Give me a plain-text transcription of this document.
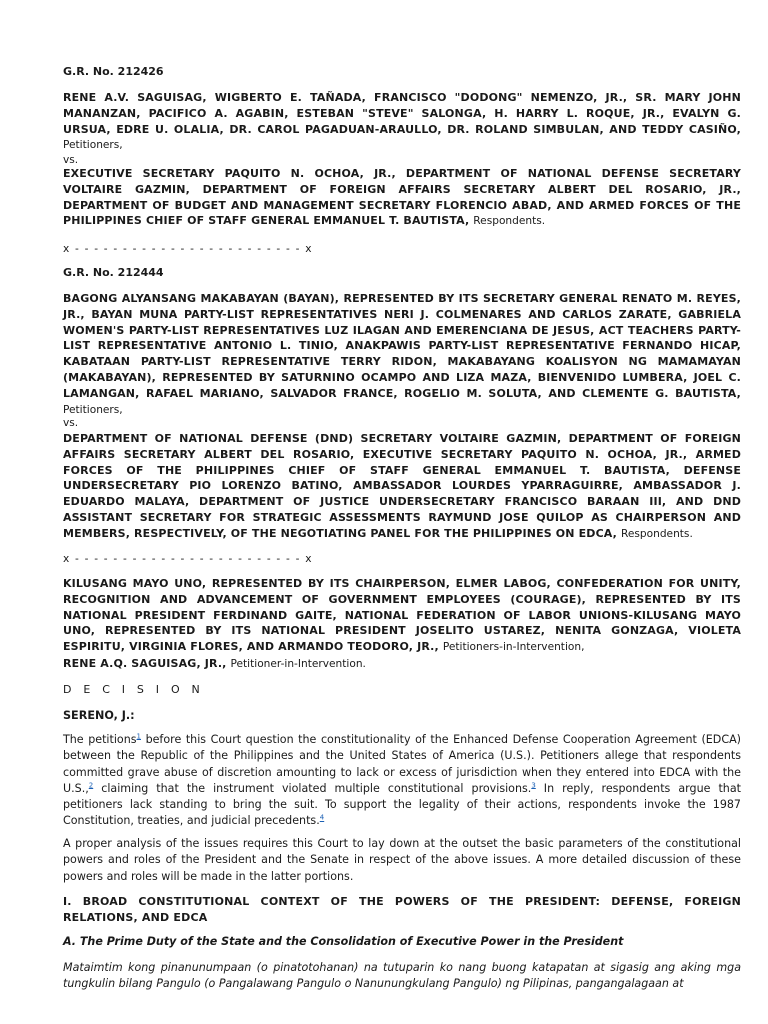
G.R. No. 212426

RENE A.V. SAGUISAG, WIGBERTO E. TAÑADA, FRANCISCO "DODONG" NEMENZO, JR., SR. MARY JOHN MANANZAN, PACIFICO A. AGABIN, ESTEBAN "STEVE" SALONGA, H. HARRY L. ROQUE, JR., EVALYN G. URSUA, EDRE U. OLALIA, DR. CAROL PAGADUAN-ARAULLO, DR. ROLAND SIMBULAN, AND TEDDY CASIÑO, Petitioners,

vs.

EXECUTIVE SECRETARY PAQUITO N. OCHOA, JR., DEPARTMENT OF NATIONAL DEFENSE SECRETARY VOLTAIRE GAZMIN, DEPARTMENT OF FOREIGN AFFAIRS SECRETARY ALBERT DEL ROSARIO, JR., DEPARTMENT OF BUDGET AND MANAGEMENT SECRETARY FLORENCIO ABAD, AND ARMED FORCES OF THE PHILIPPINES CHIEF OF STAFF GENERAL EMMANUEL T. BAUTISTA, Respondents.

x - - - - - - - - - - - - - - - - - - - - - - - - x

G.R. No. 212444

BAGONG ALYANSANG MAKABAYAN (BAYAN), REPRESENTED BY ITS SECRETARY GENERAL RENATO M. REYES, JR., BAYAN MUNA PARTY-LIST REPRESENTATIVES NERI J. COLMENARES AND CARLOS ZARATE, GABRIELA WOMEN'S PARTY-LIST REPRESENTATIVES LUZ ILAGAN AND EMERENCIANA DE JESUS, ACT TEACHERS PARTY-LIST REPRESENTATIVE ANTONIO L. TINIO, ANAKPAWIS PARTY-LIST REPRESENTATIVE FERNANDO HICAP, KABATAAN PARTY-LIST REPRESENTATIVE TERRY RIDON, MAKABAYANG KOALISYON NG MAMAMAYAN (MAKABAYAN), REPRESENTED BY SATURNINO OCAMPO AND LIZA MAZA, BIENVENIDO LUMBERA, JOEL C. LAMANGAN, RAFAEL MARIANO, SALVADOR FRANCE, ROGELIO M. SOLUTA, AND CLEMENTE G. BAUTISTA, Petitioners,

vs.

DEPARTMENT OF NATIONAL DEFENSE (DND) SECRETARY VOLTAIRE GAZMIN, DEPARTMENT OF FOREIGN AFFAIRS SECRETARY ALBERT DEL ROSARIO, EXECUTIVE SECRETARY PAQUITO N. OCHOA, JR., ARMED FORCES OF THE PHILIPPINES CHIEF OF STAFF GENERAL EMMANUEL T. BAUTISTA, DEFENSE UNDERSECRETARY PIO LORENZO BATINO, AMBASSADOR LOURDES YPARRAGUIRRE, AMBASSADOR J. EDUARDO MALAYA, DEPARTMENT OF JUSTICE UNDERSECRETARY FRANCISCO BARAAN III, AND DND ASSISTANT SECRETARY FOR STRATEGIC ASSESSMENTS RAYMUND JOSE QUILOP AS CHAIRPERSON AND MEMBERS, RESPECTIVELY, OF THE NEGOTIATING PANEL FOR THE PHILIPPINES ON EDCA, Respondents.

x - - - - - - - - - - - - - - - - - - - - - - - - x

KILUSANG MAYO UNO, REPRESENTED BY ITS CHAIRPERSON, ELMER LABOG, CONFEDERATION FOR UNITY, RECOGNITION AND ADVANCEMENT OF GOVERNMENT EMPLOYEES (COURAGE), REPRESENTED BY ITS NATIONAL PRESIDENT FERDINAND GAITE, NATIONAL FEDERATION OF LABOR UNIONS-KILUSANG MAYO UNO, REPRESENTED BY ITS NATIONAL PRESIDENT JOSELITO USTAREZ, NENITA GONZAGA, VIOLETA ESPIRITU, VIRGINIA FLORES, AND ARMANDO TEODORO, JR., Petitioners-in-Intervention,
RENE A.Q. SAGUISAG, JR., Petitioner-in-Intervention.

D E C I S I O N

SERENO, J.:

The petitions$^1$ before this Court question the constitutionality of the Enhanced Defense Cooperation Agreement (EDCA) between the Republic of the Philippines and the United States of America (U.S.). Petitioners allege that respondents committed grave abuse of discretion amounting to lack or excess of jurisdiction when they entered into EDCA with the U.S.,$^2$ claiming that the instrument violated multiple constitutional provisions.$^3$ In reply, respondents argue that petitioners lack standing to bring the suit. To support the legality of their actions, respondents invoke the 1987 Constitution, treaties, and judicial precedents.$^4$

A proper analysis of the issues requires this Court to lay down at the outset the basic parameters of the constitutional powers and roles of the President and the Senate in respect of the above issues. A more detailed discussion of these powers and roles will be made in the latter portions.

I. BROAD CONSTITUTIONAL CONTEXT OF THE POWERS OF THE PRESIDENT: DEFENSE, FOREIGN RELATIONS, AND EDCA

A. The Prime Duty of the State and the Consolidation of Executive Power in the President

Mataimtim kong pinanunumpaan (o pinatotohanan) na tutuparin ko nang buong katapatan at sigasig ang aking mga tungkulin bilang Pangulo (o Pangalawang Pangulo o Nanunungkulang Pangulo) ng Pilipinas, pangangalagaan at
